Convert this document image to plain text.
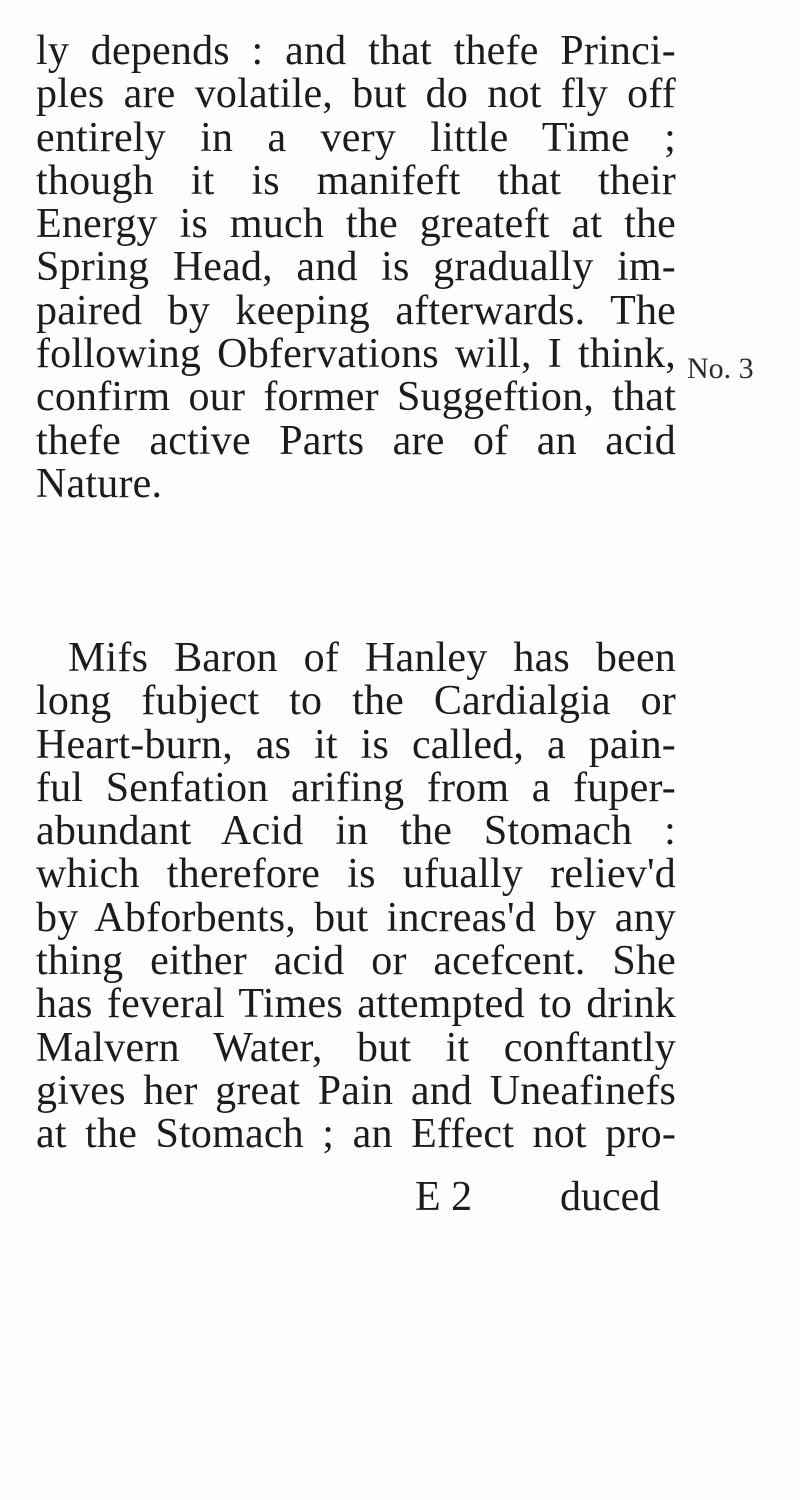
ly depends : and that thefe Princi-
ples are volatile, but do not fly off
entirely in a very little Time ;
though it is manifeft that their
Energy is much the greateft at the
Spring Head, and is gradually im-
paired by keeping afterwards. The
following Obfervations will, I think,
confirm our former Suggeftion, that
thefe active Parts are of an acid
Nature.
No. 3
Mifs Baron of Hanley has been
long fubject to the Cardialgia or
Heart-burn, as it is called, a pain-
ful Senfation arifing from a fuper-
abundant Acid in the Stomach :
which therefore is ufually reliev'd
by Abforbents, but increas'd by any
thing either acid or acefcent. She
has feveral Times attempted to drink
Malvern Water, but it conftantly
gives her great Pain and Uneafinefs
at the Stomach ; an Effect not pro-
E 2 duced
